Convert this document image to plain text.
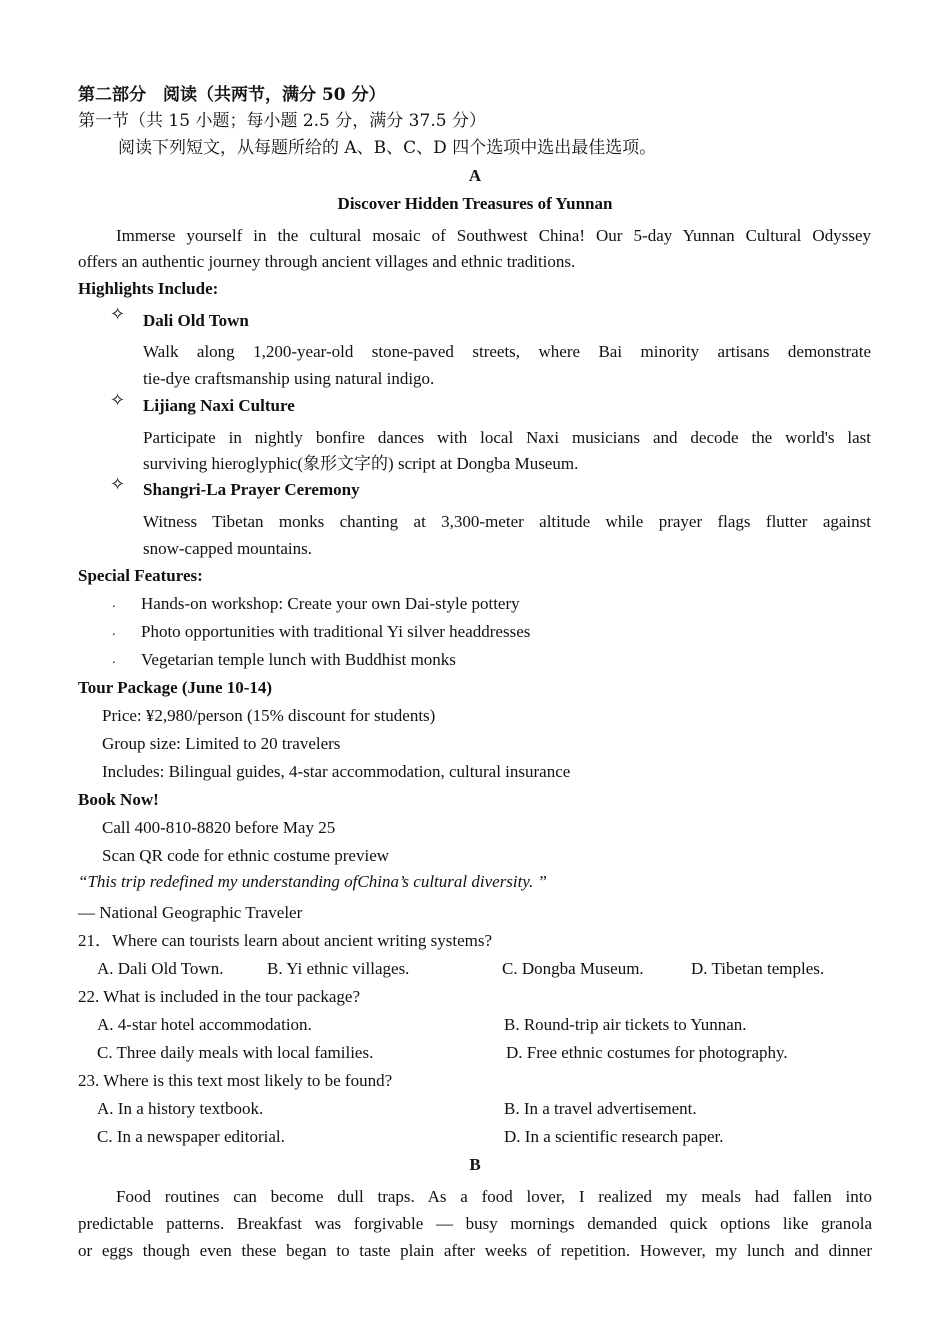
第二部分　阅读（共两节，满分 50 分）
第一节（共 15 小题；每小题 2.5 分，满分 37.5 分）
阅读下列短文，从每题所给的 A、B、C、D 四个选项中选出最佳选项。
A
Discover Hidden Treasures of Yunnan
Immerse yourself in the cultural mosaic of Southwest China! Our 5-day Yunnan Cultural Odyssey
offers an authentic journey through ancient villages and ethnic traditions.
Highlights Include:
✧ Dali Old Town
Walk along 1,200-year-old stone-paved streets, where Bai minority artisans demonstrate
tie-dye craftsmanship using natural indigo.
✧ Lijiang Naxi Culture
Participate in nightly bonfire dances with local Naxi musicians and decode the world's last
surviving hieroglyphic(象形文字的) script at Dongba Museum.
✧ Shangri-La Prayer Ceremony
Witness Tibetan monks chanting at 3,300-meter altitude while prayer flags flutter against
snow-capped mountains.
Special Features:
. Hands-on workshop: Create your own Dai-style pottery
. Photo opportunities with traditional Yi silver headdresses
. Vegetarian temple lunch with Buddhist monks
Tour Package (June 10-14)
Price: ¥2,980/person (15% discount for students)
Group size: Limited to 20 travelers
Includes: Bilingual guides, 4-star accommodation, cultural insurance
Book Now!
Call 400-810-8820 before May 25
Scan QR code for ethnic costume preview
“This trip redefined my understanding ofChina’s cultural diversity. ”
— National Geographic Traveler
21．Where can tourists learn about ancient writing systems?
A. Dali Old Town.	B. Yi ethnic villages.	C. Dongba Museum.	D. Tibetan temples.
22. What is included in the tour package?
A. 4-star hotel accommodation.	B. Round-trip air tickets to Yunnan.
C. Three daily meals with local families.	D. Free ethnic costumes for photography.
23. Where is this text most likely to be found?
A. In a history textbook.	B. In a travel advertisement.
C. In a newspaper editorial.	D. In a scientific research paper.
B
Food routines can become dull traps. As a food lover, I realized my meals had fallen into
predictable patterns. Breakfast was forgivable — busy mornings demanded quick options like granola
or eggs though even these began to taste plain after weeks of repetition. However, my lunch and dinner
